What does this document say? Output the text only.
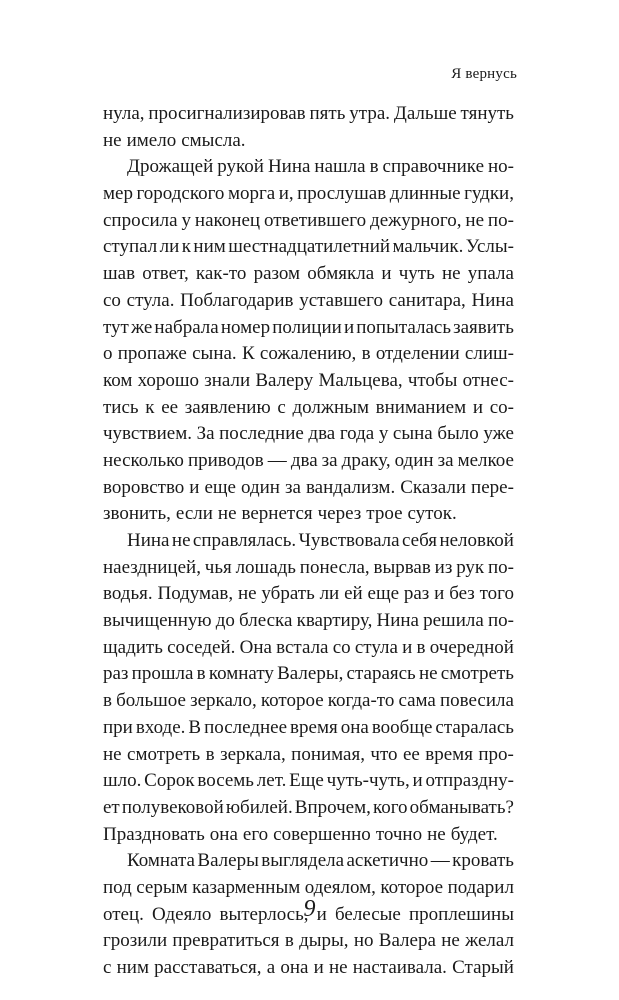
Я вернусь
нула, просигнализировав пять утра. Дальше тянуть
не имело смысла.
Дрожащей рукой Нина нашла в справочнике но-
мер городского морга и, прослушав длинные гудки,
спросила у наконец ответившего дежурного, не по-
ступал ли к ним шестнадцатилетний мальчик. Услы-
шав ответ, как-то разом обмякла и чуть не упала
со стула. Поблагодарив уставшего санитара, Нина
тут же набрала номер полиции и попыталась заявить
о пропаже сына. К сожалению, в отделении слиш-
ком хорошо знали Валеру Мальцева, чтобы отнес-
тись к ее заявлению с должным вниманием и со-
чувствием. За последние два года у сына было уже
несколько приводов — два за драку, один за мелкое
воровство и еще один за вандализм. Сказали пере-
звонить, если не вернется через трое суток.
Нина не справлялась. Чувствовала себя неловкой
наездницей, чья лошадь понесла, вырвав из рук по-
водья. Подумав, не убрать ли ей еще раз и без того
вычищенную до блеска квартиру, Нина решила по-
щадить соседей. Она встала со стула и в очередной
раз прошла в комнату Валеры, стараясь не смотреть
в большое зеркало, которое когда-то сама повесила
при входе. В последнее время она вообще старалась
не смотреть в зеркала, понимая, что ее время про-
шло. Сорок восемь лет. Еще чуть-чуть, и отпраздну-
ет полувековой юбилей. Впрочем, кого обманывать?
Праздновать она его совершенно точно не будет.
Комната Валеры выглядела аскетично — кровать
под серым казарменным одеялом, которое подарил
отец. Одеяло вытерлось, и белесые проплешины
грозили превратиться в дыры, но Валера не желал
с ним расставаться, а она и не настаивала. Старый
9
